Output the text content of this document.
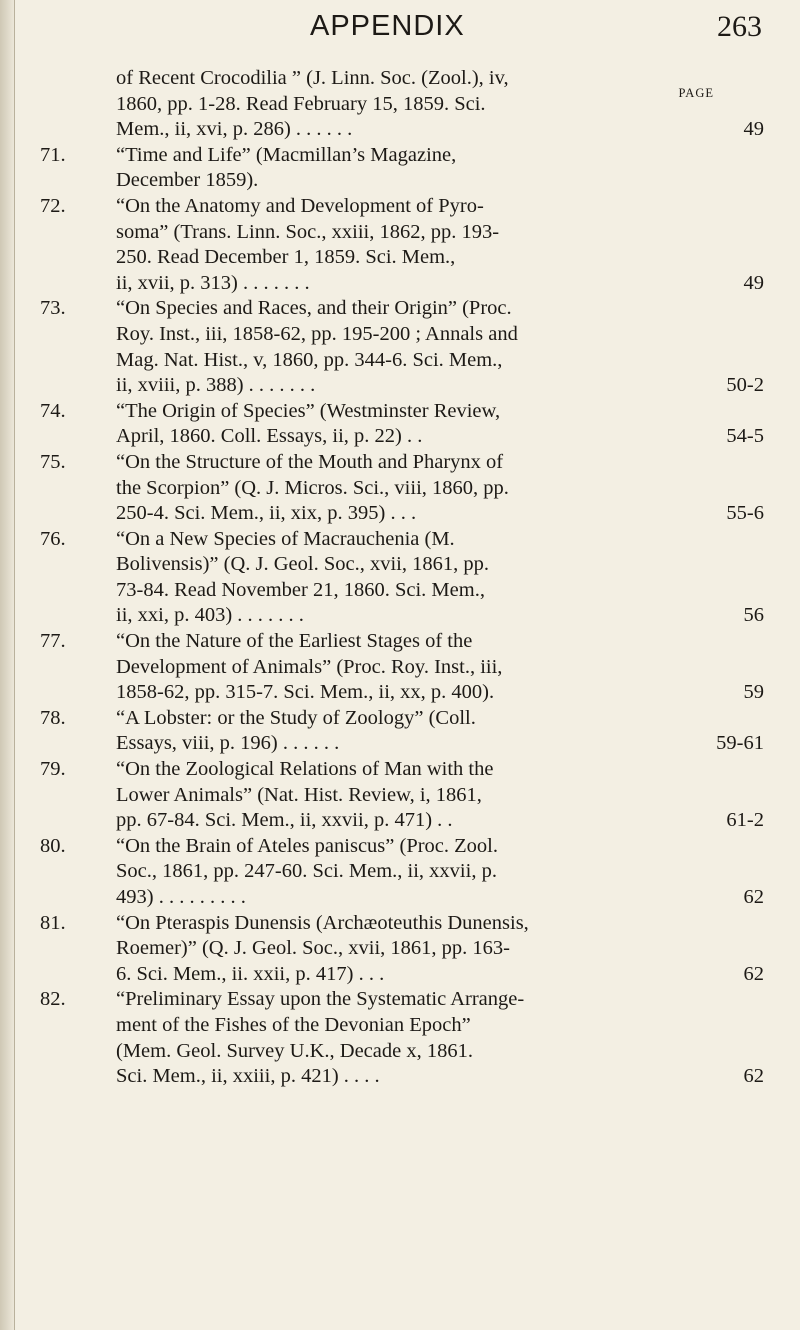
APPENDIX	263
PAGE
of Recent Crocodilia ” (J. Linn. Soc. (Zool.), iv,
1860, pp. 1-28. Read February 15, 1859. Sci.
Mem., ii, xvi, p. 286) . . . . . .	49
71.	“Time and Life” (Macmillan’s Magazine,
December 1859).
72.	“On the Anatomy and Development of Pyro-
soma” (Trans. Linn. Soc., xxiii, 1862, pp. 193-
250. Read December 1, 1859. Sci. Mem.,
ii, xvii, p. 313) . . . . . . .	49
73.	“On Species and Races, and their Origin” (Proc.
Roy. Inst., iii, 1858-62, pp. 195-200 ; Annals and
Mag. Nat. Hist., v, 1860, pp. 344-6. Sci. Mem.,
ii, xviii, p. 388) . . . . . . .	50-2
74.	“The Origin of Species” (Westminster Review,
April, 1860. Coll. Essays, ii, p. 22) . .	54-5
75.	“On the Structure of the Mouth and Pharynx of
the Scorpion” (Q. J. Micros. Sci., viii, 1860, pp.
250-4. Sci. Mem., ii, xix, p. 395) . . .	55-6
76.	“On a New Species of Macrauchenia (M.
Bolivensis)” (Q. J. Geol. Soc., xvii, 1861, pp.
73-84. Read November 21, 1860. Sci. Mem.,
ii, xxi, p. 403) . . . . . . .	56
77.	“On the Nature of the Earliest Stages of the
Development of Animals” (Proc. Roy. Inst., iii,
1858-62, pp. 315-7. Sci. Mem., ii, xx, p. 400).	59
78.	“A Lobster: or the Study of Zoology” (Coll.
Essays, viii, p. 196) . . . . . .	59-61
79.	“On the Zoological Relations of Man with the
Lower Animals” (Nat. Hist. Review, i, 1861,
pp. 67-84. Sci. Mem., ii, xxvii, p. 471) . .	61-2
80.	“On the Brain of Ateles paniscus” (Proc. Zool.
Soc., 1861, pp. 247-60. Sci. Mem., ii, xxvii, p.
493) . . . . . . . . .	62
81.	“On Pteraspis Dunensis (Archæoteuthis Dunensis,
Roemer)” (Q. J. Geol. Soc., xvii, 1861, pp. 163-
6. Sci. Mem., ii. xxii, p. 417) . . .	62
82.	“Preliminary Essay upon the Systematic Arrange-
ment of the Fishes of the Devonian Epoch”
(Mem. Geol. Survey U.K., Decade x, 1861.
Sci. Mem., ii, xxiii, p. 421) . . . .	62
